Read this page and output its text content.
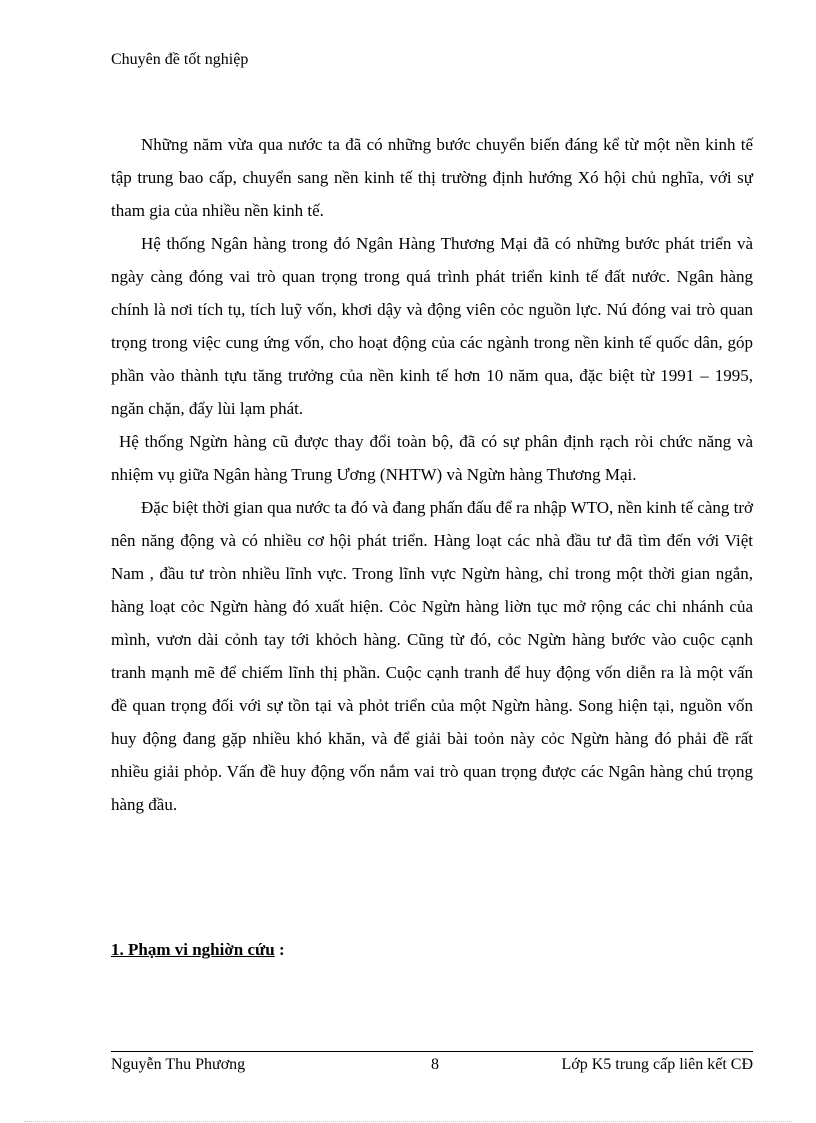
Chuyên đề tốt nghiệp

Những năm vừa qua nước ta đã có những bước chuyển biến đáng kể từ một nền kinh tế tập trung bao cấp, chuyển sang nền kinh tế thị trường định hướng Xó hội chủ nghĩa, với sự tham gia của nhiều nền kinh tế.

Hệ thống Ngân hàng trong đó Ngân Hàng Thương Mại đã có những bước phát triển và ngày càng đóng vai trò quan trọng trong quá trình phát triển kinh tế đất nước. Ngân hàng chính là nơi tích tụ, tích luỹ vốn, khơi dậy và động viên cỏc nguồn lực. Nú đóng vai trò quan trọng trong việc cung ứng vốn, cho hoạt động của các ngành trong nền kinh tế quốc dân, góp phần vào thành tựu tăng trưởng của nền kinh tế hơn 10 năm qua, đặc biệt từ 1991 – 1995, ngăn chặn, đẩy lùi lạm phát.

Hệ thống Ngừn hàng cũ được thay đổi toàn bộ, đã có sự phân định rạch ròi chức năng và nhiệm vụ giữa Ngân hàng Trung Ương (NHTW) và Ngừn hàng Thương Mại.

Đặc biệt thời gian qua nước ta đó và đang phấn đấu để ra nhập WTO, nền kinh tế càng trở nên năng động và có nhiều cơ hội phát triển. Hàng loạt các nhà đầu tư đã tìm đến với Việt Nam , đầu tư tròn nhiều lĩnh vực. Trong lĩnh vực Ngừn hàng, chỉ trong một thời gian ngắn, hàng loạt cỏc Ngừn hàng đó xuất hiện. Cỏc Ngừn hàng liờn tục mở rộng các chi nhánh của mình, vươn dài cỏnh tay tới khỏch hàng. Cũng từ đó, cỏc Ngừn hàng bước vào cuộc cạnh tranh mạnh mẽ để chiếm lĩnh thị phần. Cuộc cạnh tranh để huy động vốn diễn ra là một vấn đề quan trọng đối với sự tồn tại và phỏt triển của một Ngừn hàng. Song hiện tại, nguồn vốn huy động đang gặp nhiều khó khăn, và để giải bài toỏn này cỏc Ngừn hàng đó phải đề rất nhiều giải phỏp. Vấn đề huy động vốn nắm vai trò quan trọng được các Ngân hàng chú trọng hàng đầu.

1. Phạm vi nghiờn cứu :
Nguyễn Thu Phương	8	Lớp K5 trung cấp liên kết CĐ
